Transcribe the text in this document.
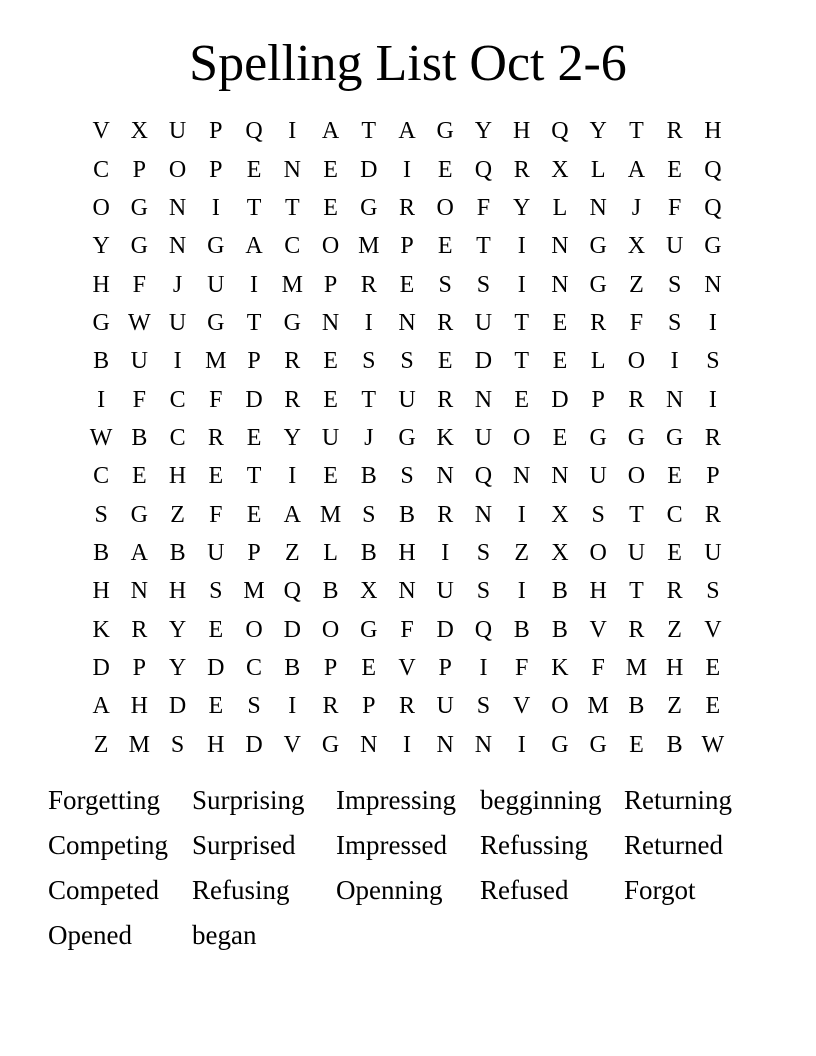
Spelling List Oct 2-6
V	X	U	P	Q	I	A	T	A	G	Y	H	Q	Y	T	R	H
C	P	O	P	E	N	E	D	I	E	Q	R	X	L	A	E	Q
O	G	N	I	T	T	E	G	R	O	F	Y	L	N	J	F	Q
Y	G	N	G	A	C	O	M	P	E	T	I	N	G	X	U	G
H	F	J	U	I	M	P	R	E	S	S	I	N	G	Z	S	N
G	W	U	G	T	G	N	I	N	R	U	T	E	R	F	S	I
B	U	I	M	P	R	E	S	S	E	D	T	E	L	O	I	S
I	F	C	F	D	R	E	T	U	R	N	E	D	P	R	N	I
W	B	C	R	E	Y	U	J	G	K	U	O	E	G	G	G	R
C	E	H	E	T	I	E	B	S	N	Q	N	N	U	O	E	P
S	G	Z	F	E	A	M	S	B	R	N	I	X	S	T	C	R
B	A	B	U	P	Z	L	B	H	I	S	Z	X	O	U	E	U
H	N	H	S	M	Q	B	X	N	U	S	I	B	H	T	R	S
K	R	Y	E	O	D	O	G	F	D	Q	B	B	V	R	Z	V
D	P	Y	D	C	B	P	E	V	P	I	F	K	F	M	H	E
A	H	D	E	S	I	R	P	R	U	S	V	O	M	B	Z	E
Z	M	S	H	D	V	G	N	I	N	N	I	G	G	E	B	W
Forgetting	Surprising	Impressing begginning Returning
Competing Surprised	Impressed	Refussing	Returned
Competed	Refusing	Openning	Refused	Forgot
Opened	began
